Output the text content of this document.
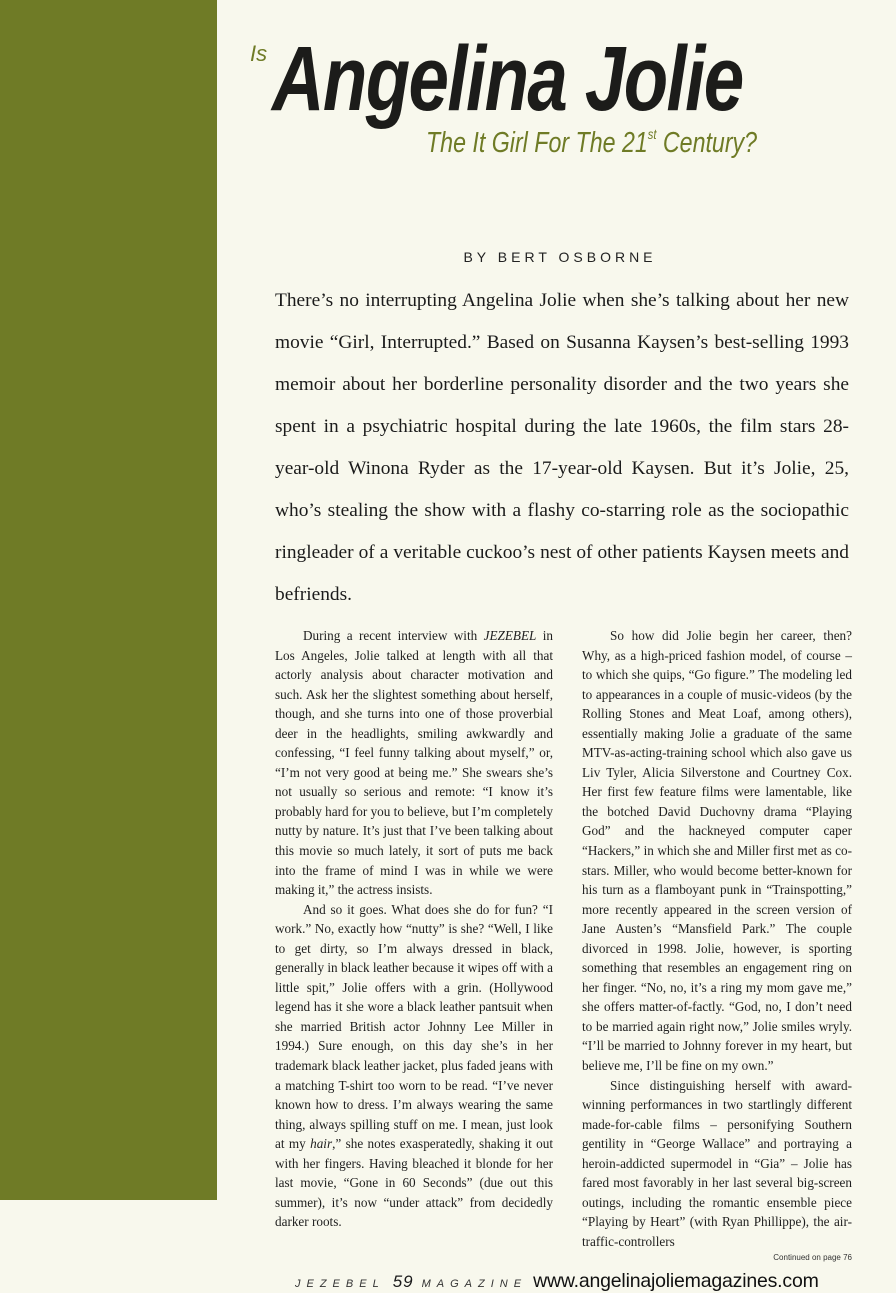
Is Angelina Jolie
The It Girl For The 21st Century?
BY BERT OSBORNE

There’s no interrupting Angelina Jolie when she’s talking about her new movie “Girl, Interrupted.” Based on Susanna Kaysen’s best-selling 1993 memoir about her borderline personality disorder and the two years she spent in a psychiatric hospital during the late 1960s, the film stars 28-year-old Winona Ryder as the 17-year-old Kaysen. But it’s Jolie, 25, who’s stealing the show with a flashy co-starring role as the sociopathic ringleader of a veritable cuckoo’s nest of other patients Kaysen meets and befriends.

During a recent interview with JEZEBEL in Los Angeles, Jolie talked at length with all that actorly analysis about character motivation and such. Ask her the slightest something about herself, though, and she turns into one of those proverbial deer in the headlights, smiling awkwardly and confessing, “I feel funny talking about myself,” or, “I’m not very good at being me.” She swears she’s not usually so serious and remote: “I know it’s probably hard for you to believe, but I’m completely nutty by nature. It’s just that I’ve been talking about this movie so much lately, it sort of puts me back into the frame of mind I was in while we were making it,” the actress insists.

And so it goes. What does she do for fun? “I work.” No, exactly how “nutty” is she? “Well, I like to get dirty, so I’m always dressed in black, generally in black leather because it wipes off with a little spit,” Jolie offers with a grin. (Hollywood legend has it she wore a black leather pantsuit when she married British actor Johnny Lee Miller in 1994.) Sure enough, on this day she’s in her trademark black leather jacket, plus faded jeans with a matching T-shirt too worn to be read. “I’ve never known how to dress. I’m always wearing the same thing, always spilling stuff on me. I mean, just look at my hair,” she notes exasperatedly, shaking it out with her fingers. Having bleached it blonde for her last movie, “Gone in 60 Seconds” (due out this summer), it’s now “under attack” from decidedly darker roots.

So how did Jolie begin her career, then? Why, as a high-priced fashion model, of course – to which she quips, “Go figure.” The modeling led to appearances in a couple of music-videos (by the Rolling Stones and Meat Loaf, among others), essentially making Jolie a graduate of the same MTV-as-acting-training school which also gave us Liv Tyler, Alicia Silverstone and Courtney Cox. Her first few feature films were lamentable, like the botched David Duchovny drama “Playing God” and the hackneyed computer caper “Hackers,” in which she and Miller first met as co-stars. Miller, who would become better-known for his turn as a flamboyant punk in “Trainspotting,” more recently appeared in the screen version of Jane Austen’s “Mansfield Park.” The couple divorced in 1998. Jolie, however, is sporting something that resembles an engagement ring on her finger. “No, no, it’s a ring my mom gave me,” she offers matter-of-factly. “God, no, I don’t need to be married again right now,” Jolie smiles wryly. “I’ll be married to Johnny forever in my heart, but believe me, I’ll be fine on my own.”

Since distinguishing herself with award-winning performances in two startlingly different made-for-cable films – personifying Southern gentility in “George Wallace” and portraying a heroin-addicted supermodel in “Gia” – Jolie has fared most favorably in her last several big-screen outings, including the romantic ensemble piece “Playing by Heart” (with Ryan Phillippe), the air-traffic-controllers

Continued on page 76

JEZEBEL 59 MAGAZINE www.angelinajoliemagazines.com
